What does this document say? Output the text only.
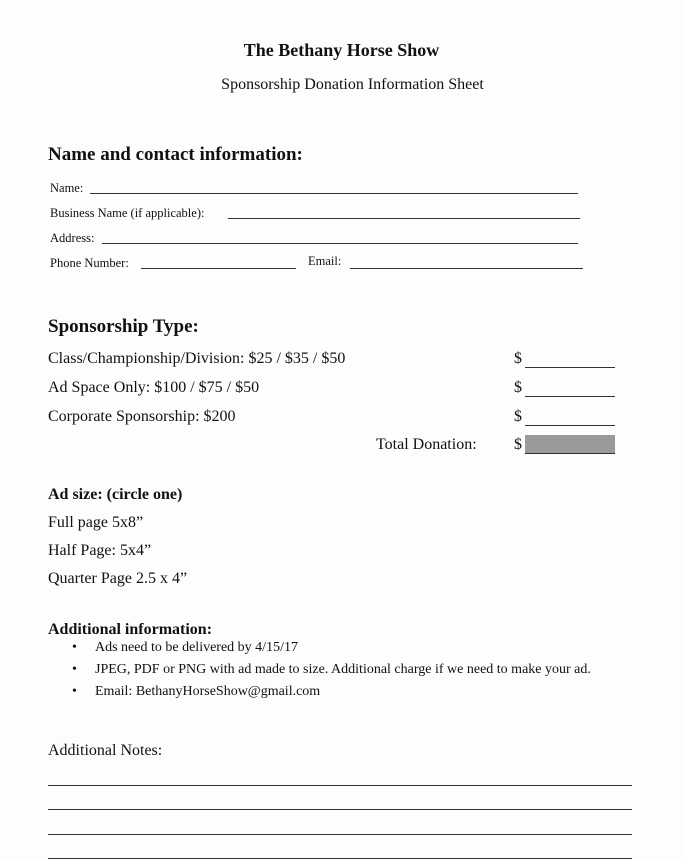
The Bethany Horse Show
Sponsorship Donation Information Sheet
Name and contact information:
Name:
Business Name (if applicable):
Address:
Phone Number:	Email:
Sponsorship Type:
Class/Championship/Division: $25 / $35 / $50	$
Ad Space Only: $100 / $75 / $50	$
Corporate Sponsorship: $200	$
Total Donation: $
Ad size: (circle one)
Full page 5x8”
Half Page: 5x4”
Quarter Page 2.5 x 4”
Additional information:
• Ads need to be delivered by 4/15/17
• JPEG, PDF or PNG with ad made to size. Additional charge if we need to make your ad.
• Email: BethanyHorseShow@gmail.com
Additional Notes:
